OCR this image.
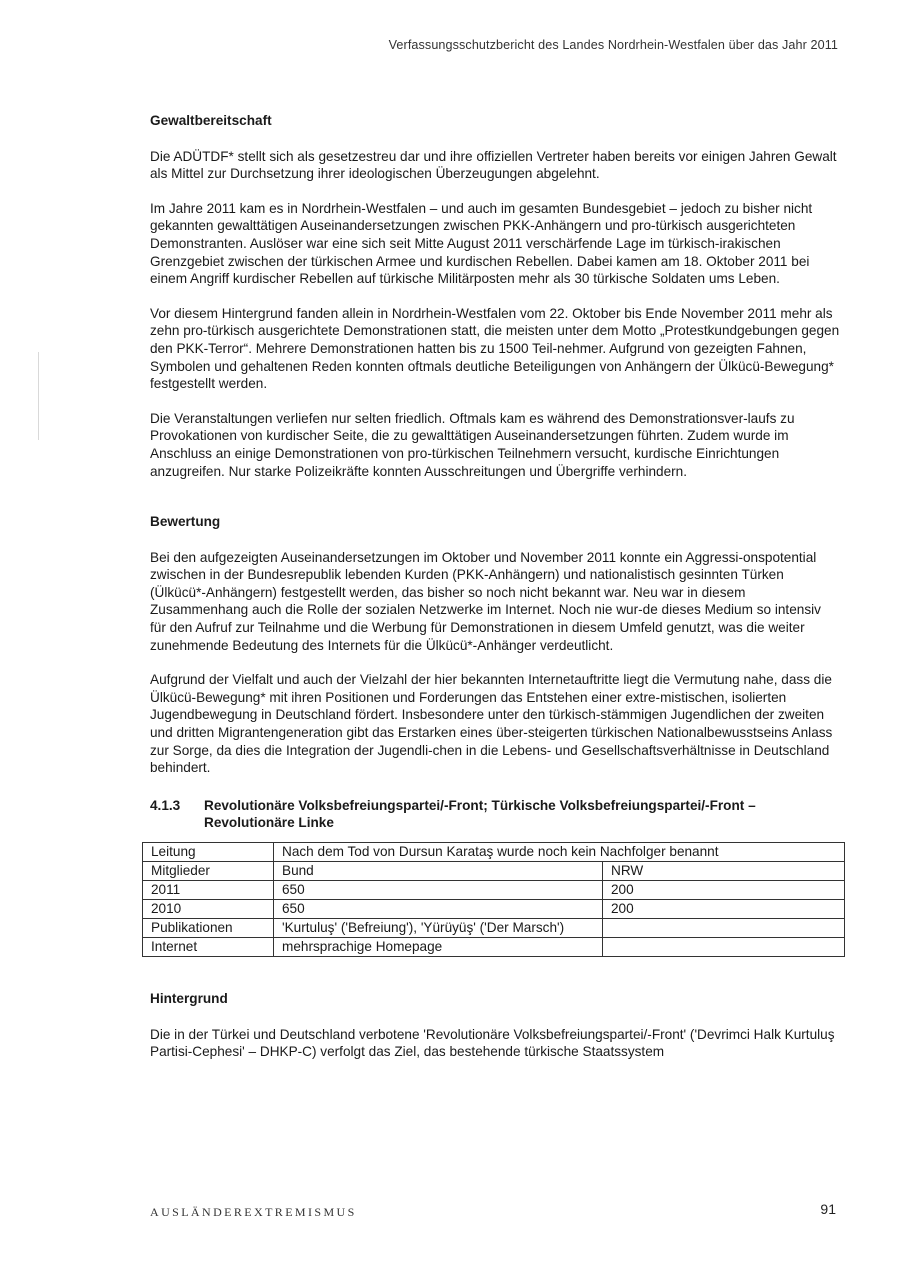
Verfassungsschutzbericht des Landes Nordrhein-Westfalen über das Jahr 2011
Gewaltbereitschaft

Die ADÜTDF* stellt sich als gesetzestreu dar und ihre offiziellen Vertreter haben bereits vor einigen Jahren Gewalt als Mittel zur Durchsetzung ihrer ideologischen Überzeugungen abgelehnt.

Im Jahre 2011 kam es in Nordrhein-Westfalen – und auch im gesamten Bundesgebiet – jedoch zu bisher nicht gekannten gewalttätigen Auseinandersetzungen zwischen PKK-Anhängern und pro-türkisch ausgerichteten Demonstranten. Auslöser war eine sich seit Mitte August 2011 verschärfende Lage im türkisch-irakischen Grenzgebiet zwischen der türkischen Armee und kurdischen Rebellen. Dabei kamen am 18. Oktober 2011 bei einem Angriff kurdischer Rebellen auf türkische Militärposten mehr als 30 türkische Soldaten ums Leben.

Vor diesem Hintergrund fanden allein in Nordrhein-Westfalen vom 22. Oktober bis Ende November 2011 mehr als zehn pro-türkisch ausgerichtete Demonstrationen statt, die meisten unter dem Motto „Protestkundgebungen gegen den PKK-Terror“. Mehrere Demonstrationen hatten bis zu 1500 Teil-nehmer. Aufgrund von gezeigten Fahnen, Symbolen und gehaltenen Reden konnten oftmals deutliche Beteiligungen von Anhängern der Ülkücü-Bewegung* festgestellt werden.

Die Veranstaltungen verliefen nur selten friedlich. Oftmals kam es während des Demonstrationsver-laufs zu Provokationen von kurdischer Seite, die zu gewalttätigen Auseinandersetzungen führten. Zudem wurde im Anschluss an einige Demonstrationen von pro-türkischen Teilnehmern versucht, kurdische Einrichtungen anzugreifen. Nur starke Polizeikräfte konnten Ausschreitungen und Übergriffe verhindern.

Bewertung

Bei den aufgezeigten Auseinandersetzungen im Oktober und November 2011 konnte ein Aggressi-onspotential zwischen in der Bundesrepublik lebenden Kurden (PKK-Anhängern) und nationalistisch gesinnten Türken (Ülkücü*-Anhängern) festgestellt werden, das bisher so noch nicht bekannt war. Neu war in diesem Zusammenhang auch die Rolle der sozialen Netzwerke im Internet. Noch nie wur-de dieses Medium so intensiv für den Aufruf zur Teilnahme und die Werbung für Demonstrationen in diesem Umfeld genutzt, was die weiter zunehmende Bedeutung des Internets für die Ülkücü*-Anhänger verdeutlicht.

Aufgrund der Vielfalt und auch der Vielzahl der hier bekannten Internetauftritte liegt die Vermutung nahe, dass die Ülkücü-Bewegung* mit ihren Positionen und Forderungen das Entstehen einer extre-mistischen, isolierten Jugendbewegung in Deutschland fördert. Insbesondere unter den türkisch-stämmigen Jugendlichen der zweiten und dritten Migrantengeneration gibt das Erstarken eines über-steigerten türkischen Nationalbewusstseins Anlass zur Sorge, da dies die Integration der Jugendli-chen in die Lebens- und Gesellschaftsverhältnisse in Deutschland behindert.

4.1.3	Revolutionäre Volksbefreiungspartei/-Front; Türkische Volksbefreiungspartei/-Front – Revolutionäre Linke
Leitung	Nach dem Tod von Dursun Karataş wurde noch kein Nachfolger benannt	
Mitglieder	Bund	NRW
2011	650	200
2010	650	200
Publikationen	'Kurtuluş' ('Befreiung'), 'Yürüyüş' ('Der Marsch')	
Internet	mehrsprachige Homepage	
Hintergrund

Die in der Türkei und Deutschland verbotene 'Revolutionäre Volksbefreiungspartei/-Front' ('Devrimci Halk Kurtuluş Partisi-Cephesi' – DHKP-C) verfolgt das Ziel, das bestehende türkische Staatssystem

AUSLÄNDEREXTREMISMUS	91
